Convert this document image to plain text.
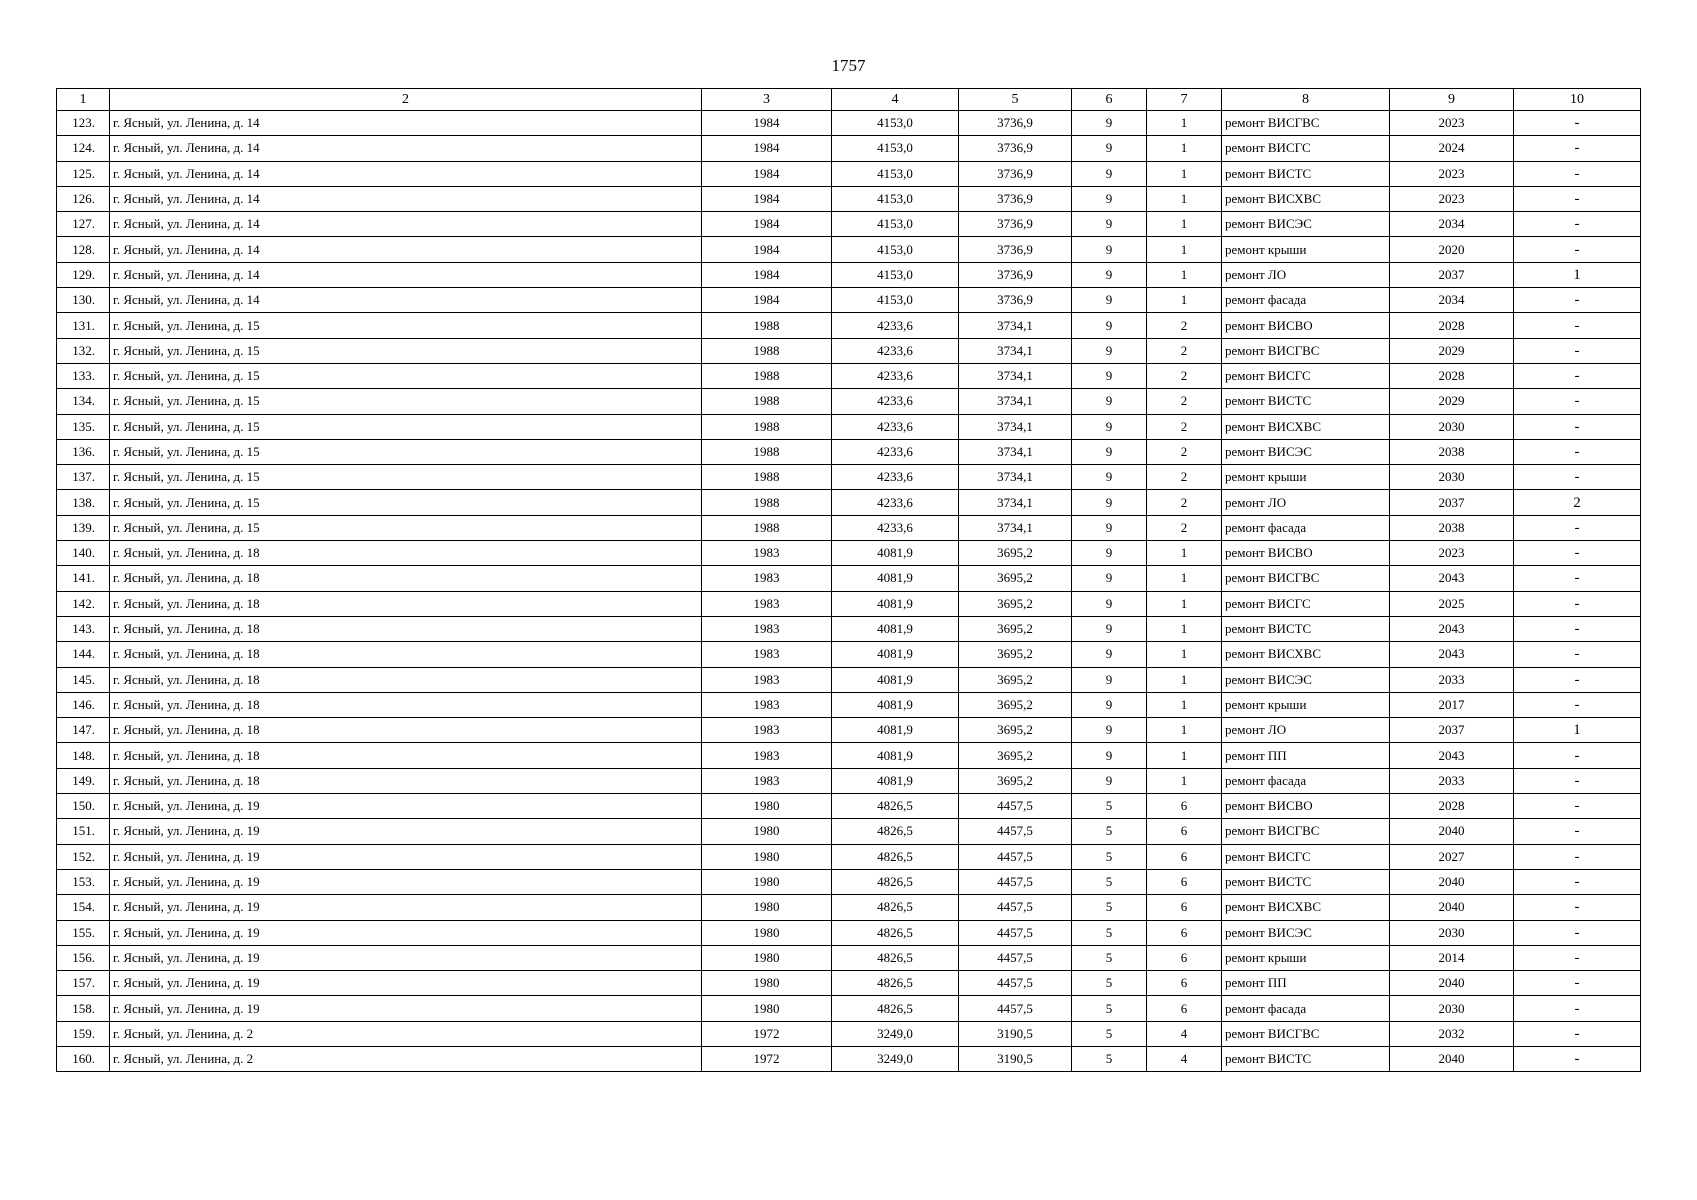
1757
1	2	3	4	5	6	7	8	9	10
123.	г. Ясный, ул. Ленина, д. 14	1984	4153,0	3736,9	9	1	ремонт ВИСГВС	2023	-
124.	г. Ясный, ул. Ленина, д. 14	1984	4153,0	3736,9	9	1	ремонт ВИСГС	2024	-
125.	г. Ясный, ул. Ленина, д. 14	1984	4153,0	3736,9	9	1	ремонт ВИСТС	2023	-
126.	г. Ясный, ул. Ленина, д. 14	1984	4153,0	3736,9	9	1	ремонт ВИСХВС	2023	-
127.	г. Ясный, ул. Ленина, д. 14	1984	4153,0	3736,9	9	1	ремонт ВИСЭС	2034	-
128.	г. Ясный, ул. Ленина, д. 14	1984	4153,0	3736,9	9	1	ремонт крыши	2020	-
129.	г. Ясный, ул. Ленина, д. 14	1984	4153,0	3736,9	9	1	ремонт ЛО	2037	1
130.	г. Ясный, ул. Ленина, д. 14	1984	4153,0	3736,9	9	1	ремонт фасада	2034	-
131.	г. Ясный, ул. Ленина, д. 15	1988	4233,6	3734,1	9	2	ремонт ВИСВО	2028	-
132.	г. Ясный, ул. Ленина, д. 15	1988	4233,6	3734,1	9	2	ремонт ВИСГВС	2029	-
133.	г. Ясный, ул. Ленина, д. 15	1988	4233,6	3734,1	9	2	ремонт ВИСГС	2028	-
134.	г. Ясный, ул. Ленина, д. 15	1988	4233,6	3734,1	9	2	ремонт ВИСТС	2029	-
135.	г. Ясный, ул. Ленина, д. 15	1988	4233,6	3734,1	9	2	ремонт ВИСХВС	2030	-
136.	г. Ясный, ул. Ленина, д. 15	1988	4233,6	3734,1	9	2	ремонт ВИСЭС	2038	-
137.	г. Ясный, ул. Ленина, д. 15	1988	4233,6	3734,1	9	2	ремонт крыши	2030	-
138.	г. Ясный, ул. Ленина, д. 15	1988	4233,6	3734,1	9	2	ремонт ЛО	2037	2
139.	г. Ясный, ул. Ленина, д. 15	1988	4233,6	3734,1	9	2	ремонт фасада	2038	-
140.	г. Ясный, ул. Ленина, д. 18	1983	4081,9	3695,2	9	1	ремонт ВИСВО	2023	-
141.	г. Ясный, ул. Ленина, д. 18	1983	4081,9	3695,2	9	1	ремонт ВИСГВС	2043	-
142.	г. Ясный, ул. Ленина, д. 18	1983	4081,9	3695,2	9	1	ремонт ВИСГС	2025	-
143.	г. Ясный, ул. Ленина, д. 18	1983	4081,9	3695,2	9	1	ремонт ВИСТС	2043	-
144.	г. Ясный, ул. Ленина, д. 18	1983	4081,9	3695,2	9	1	ремонт ВИСХВС	2043	-
145.	г. Ясный, ул. Ленина, д. 18	1983	4081,9	3695,2	9	1	ремонт ВИСЭС	2033	-
146.	г. Ясный, ул. Ленина, д. 18	1983	4081,9	3695,2	9	1	ремонт крыши	2017	-
147.	г. Ясный, ул. Ленина, д. 18	1983	4081,9	3695,2	9	1	ремонт ЛО	2037	1
148.	г. Ясный, ул. Ленина, д. 18	1983	4081,9	3695,2	9	1	ремонт ПП	2043	-
149.	г. Ясный, ул. Ленина, д. 18	1983	4081,9	3695,2	9	1	ремонт фасада	2033	-
150.	г. Ясный, ул. Ленина, д. 19	1980	4826,5	4457,5	5	6	ремонт ВИСВО	2028	-
151.	г. Ясный, ул. Ленина, д. 19	1980	4826,5	4457,5	5	6	ремонт ВИСГВС	2040	-
152.	г. Ясный, ул. Ленина, д. 19	1980	4826,5	4457,5	5	6	ремонт ВИСГС	2027	-
153.	г. Ясный, ул. Ленина, д. 19	1980	4826,5	4457,5	5	6	ремонт ВИСТС	2040	-
154.	г. Ясный, ул. Ленина, д. 19	1980	4826,5	4457,5	5	6	ремонт ВИСХВС	2040	-
155.	г. Ясный, ул. Ленина, д. 19	1980	4826,5	4457,5	5	6	ремонт ВИСЭС	2030	-
156.	г. Ясный, ул. Ленина, д. 19	1980	4826,5	4457,5	5	6	ремонт крыши	2014	-
157.	г. Ясный, ул. Ленина, д. 19	1980	4826,5	4457,5	5	6	ремонт ПП	2040	-
158.	г. Ясный, ул. Ленина, д. 19	1980	4826,5	4457,5	5	6	ремонт фасада	2030	-
159.	г. Ясный, ул. Ленина, д. 2	1972	3249,0	3190,5	5	4	ремонт ВИСГВС	2032	-
160.	г. Ясный, ул. Ленина, д. 2	1972	3249,0	3190,5	5	4	ремонт ВИСТС	2040	-
